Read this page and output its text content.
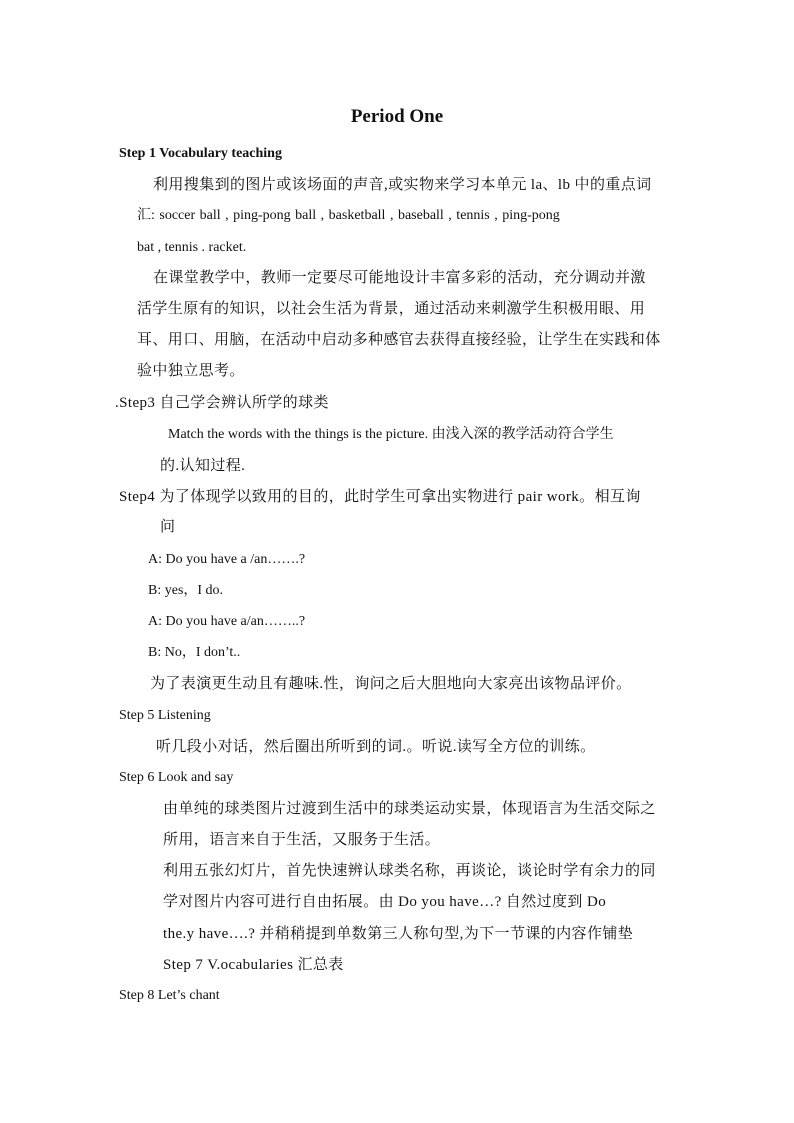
Period One
Step 1 Vocabulary teaching
利用搜集到的图片或该场面的声音,或实物来学习本单元 la、lb 中的重点词
汇: soccer ball , ping-pong ball , basketball , baseball , tennis , ping-pong
bat , tennis . racket.
在课堂教学中，教师一定要尽可能地设计丰富多彩的活动，充分调动并激
活学生原有的知识，以社会生活为背景，通过活动来刺激学生积极用眼、用
耳、用口、用脑，在活动中启动多种感官去获得直接经验，让学生在实践和体
验中独立思考。
.Step3 自己学会辨认所学的球类
Match the words with the things is the picture. 由浅入深的教学活动符合学生
的.认知过程.
Step4 为了体现学以致用的目的，此时学生可拿出实物进行 pair work。相互询
问
A: Do you have a /an…….?
B: yes，I do.
A: Do you have a/an……..?
B: No，I don’t..
为了表演更生动且有趣味.性，询问之后大胆地向大家亮出该物品评价。
Step 5 Listening
听几段小对话，然后圈出所听到的词.。听说.读写全方位的训练。
Step 6 Look and say
由单纯的球类图片过渡到生活中的球类运动实景，体现语言为生活交际之
所用，语言来自于生活，又服务于生活。
利用五张幻灯片，首先快速辨认球类名称，再谈论，谈论时学有余力的同
学对图片内容可进行自由拓展。由 Do you have…? 自然过度到 Do
the.y have….? 并稍稍提到单数第三人称句型,为下一节课的内容作铺垫
Step 7 V.ocabularies 汇总表
Step 8 Let’s chant
